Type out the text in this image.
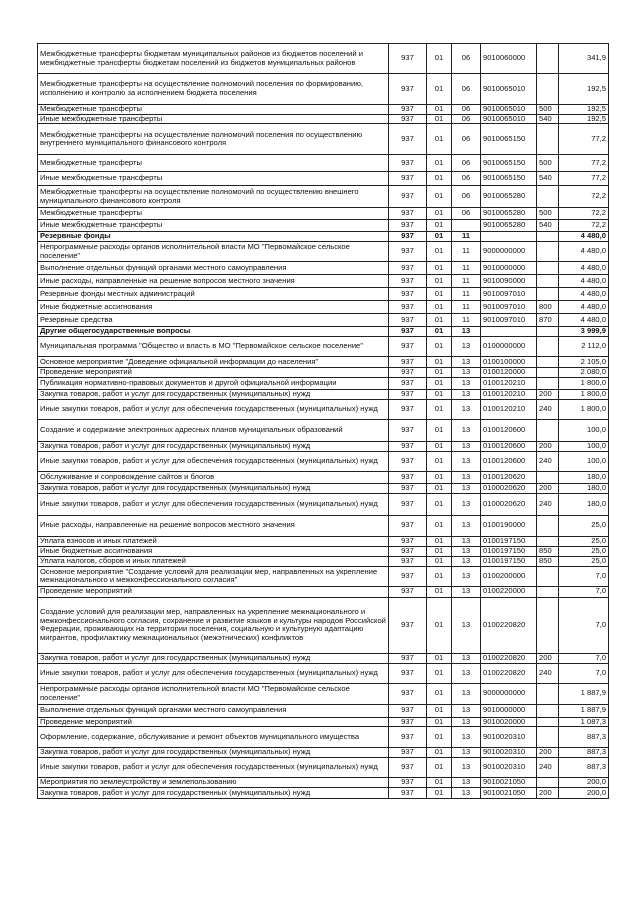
Межбюджетные трансферты бюджетам муниципальных районов из бюджетов поселений и межбюджетные трансферты бюджетам поселений из бюджетов муниципальных районов	937	01	06	9010060000		341,9
Межбюджетные трансферты на осуществление полномочий поселения по формированию, исполнению и контролю за исполнением бюджета поселения	937	01	06	9010065010		192,5
Межбюджетные трансферты	937	01	06	9010065010	500	192,5
Иные межбюджетные трансферты	937	01	06	9010065010	540	192,5
Межбюджетные трансферты на осуществление полномочий поселения по осуществлению внутреннего муниципального финансового контроля	937	01	06	9010065150		77,2
Межбюджетные трансферты	937	01	06	9010065150	500	77,2
Иные межбюджетные трансферты	937	01	06	9010065150	540	77,2
Межбюджетные трансферты на осуществление полномочий по осуществлению внешнего муниципального финансового контроля	937	01	06	9010065280		72,2
Межбюджетные трансферты	937	01	06	9010065280	500	72,2
Иные межбюджетные трансферты	937	01		9010065280	540	72,2
Резервные фонды	937	01	11			4 480,0
Непрограммные расходы органов исполнительной власти МО "Первомайское сельское поселение"	937	01	11	9000000000		4 480,0
Выполнение отдельных функций органами местного самоуправления	937	01	11	9010000000		4 480,0
Иные расходы, направленные на решение вопросов местного значения	937	01	11	9010090000		4 480,0
Резервные фонды местных администраций	937	01	11	9010097010		4 480,0
Иные бюджетные ассигнования	937	01	11	9010097010	800	4 480,0
Резервные средства	937	01	11	9010097010	870	4 480,0
Другие общегосударственные вопросы	937	01	13			3 999,9
Муниципальная программа "Общество и власть в МО "Первомайское сельское поселение"	937	01	13	0100000000		2 112,0
Основное мероприятие "Доведение официальной информации до населения"	937	01	13	0100100000		2 105,0
Проведение мероприятий	937	01	13	0100120000		2 080,0
Публикация нормативно-правовых документов и другой официальной информации	937	01	13	0100120210		1 800,0
Закупка товаров, работ и услуг для государственных (муниципальных) нужд	937	01	13	0100120210	200	1 800,0
Иные закупки товаров, работ и услуг для обеспечения государственных (муниципальных) нужд	937	01	13	0100120210	240	1 800,0
Создание и содержание электронных адресных планов муниципальных образований	937	01	13	0100120600		100,0
Закупка товаров, работ и услуг для государственных (муниципальных) нужд	937	01	13	0100120600	200	100,0
Иные закупки товаров, работ и услуг для обеспечения государственных (муниципальных) нужд	937	01	13	0100120600	240	100,0
Обслуживание и сопровождение сайтов и блогов	937	01	13	0100120620		180,0
Закупка товаров, работ и услуг для государственных (муниципальных) нужд	937	01	13	0100020620	200	180,0
Иные закупки товаров, работ и услуг для обеспечения государственных (муниципальных) нужд	937	01	13	0100020620	240	180,0
Иные расходы, направленные на решение вопросов местного значения	937	01	13	0100190000		25,0
Уплата взносов и иных платежей	937	01	13	0100197150		25,0
Иные бюджетные ассигнования	937	01	13	0100197150	850	25,0
Уплата налогов, сборов и иных платежей	937	01	13	0100197150	850	25,0
Основное мероприятие "Создание условий для реализации мер, направленных на укрепление межнационального и межконфессионального согласия"	937	01	13	0100200000		7,0
Проведение мероприятий	937	01	13	0100220000		7,0
Создание условий для реализации мер, направленных на укрепление межнационального и межконфессионального согласия, сохранение и развитие языков и культуры народов Российской Федерации, проживающих на территории поселения, социальную и культурную адаптацию мигрантов, профилактику межнациональных (межэтнических) конфликтов	937	01	13	0100220820		7,0
Закупка товаров, работ и услуг для государственных (муниципальных) нужд	937	01	13	0100220820	200	7,0
Иные закупки товаров, работ и услуг для обеспечения государственных (муниципальных) нужд	937	01	13	0100220820	240	7,0
Непрограммные расходы органов исполнительной власти МО "Первомайское сельское поселение"	937	01	13	9000000000		1 887,9
Выполнение отдельных функций органами местного самоуправления	937	01	13	9010000000		1 887,9
Проведение мероприятий	937	01	13	9010020000		1 087,3
Оформление, содержание, обслуживание и ремонт объектов муниципального имущества	937	01	13	9010020310		887,3
Закупка товаров, работ и услуг для государственных (муниципальных) нужд	937	01	13	9010020310	200	887,3
Иные закупки товаров, работ и услуг для обеспечения государственных (муниципальных) нужд	937	01	13	9010020310	240	887,3
Мероприятия по землеустройству и землепользованию	937	01	13	9010021050		200,0
Закупка товаров, работ и услуг для государственных (муниципальных) нужд	937	01	13	9010021050	200	200,0
